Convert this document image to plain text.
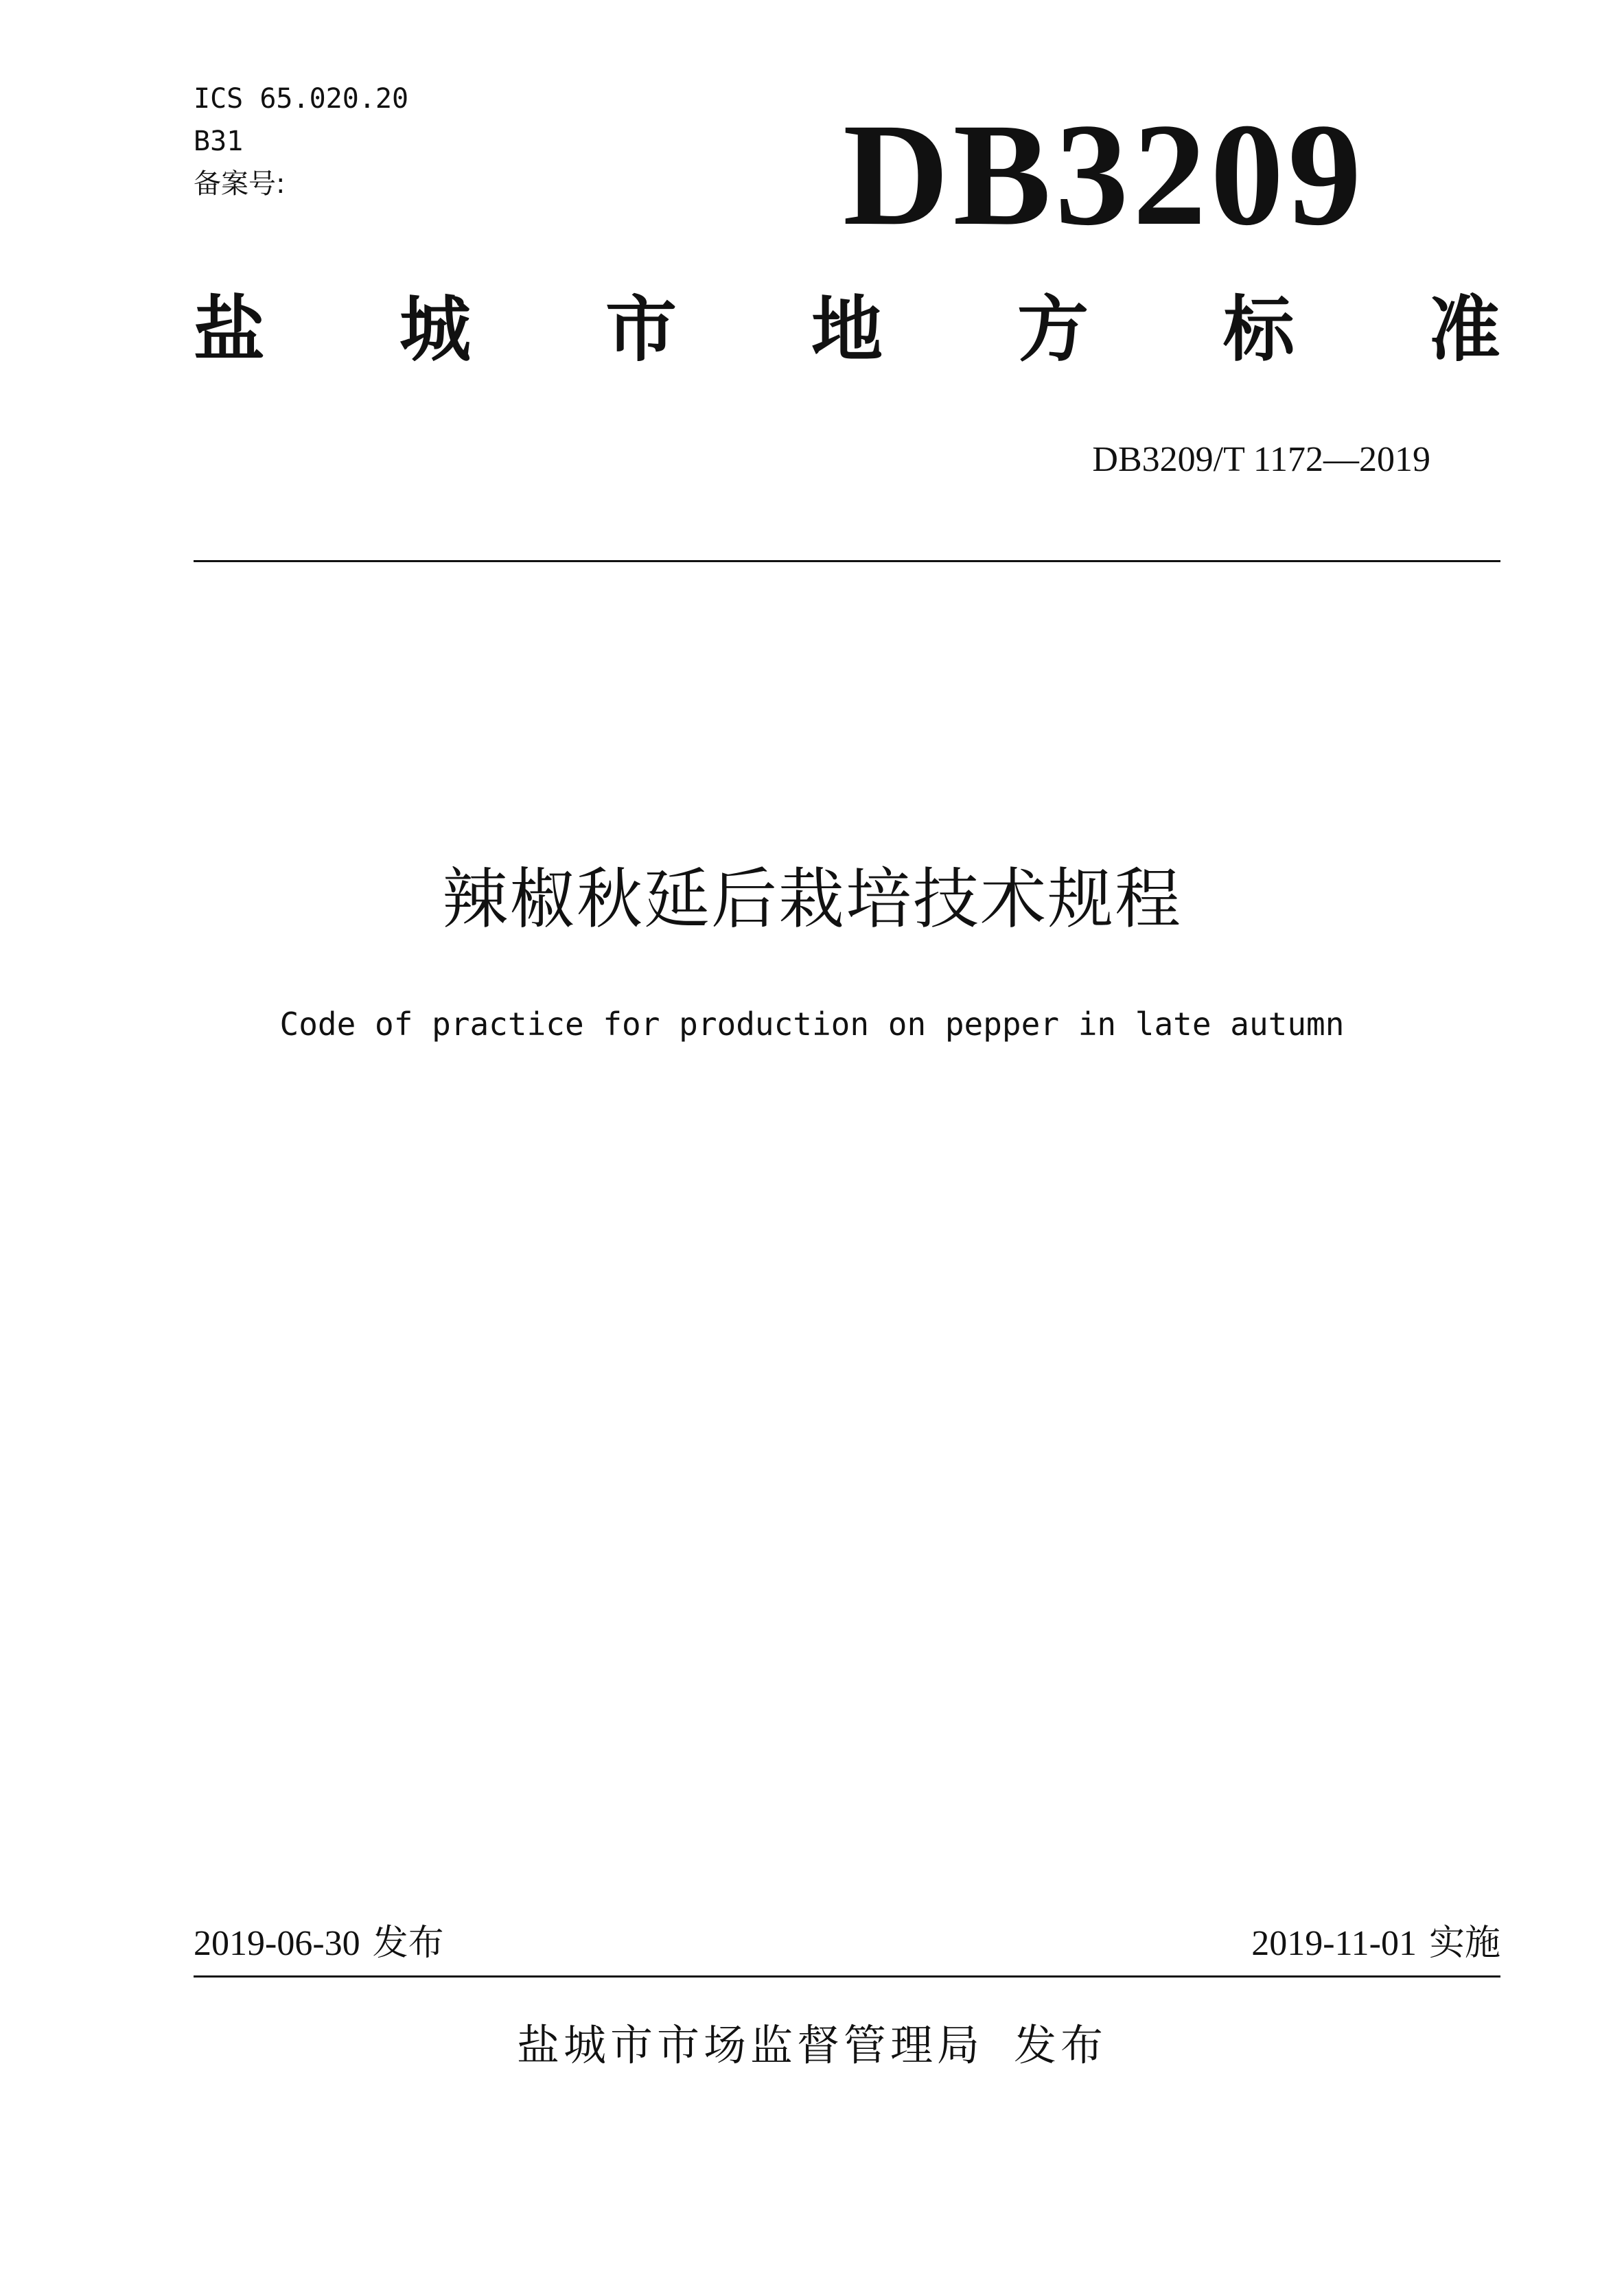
ICS 65.020.20
B31
备案号:	DB3209
盐 城 市 地 方 标 准
DB3209/T 1172—2019
辣椒秋延后栽培技术规程
Code of practice for production on pepper in late autumn
2019-06-30 发布	2019-11-01 实施
盐城市市场监督管理局 发布
